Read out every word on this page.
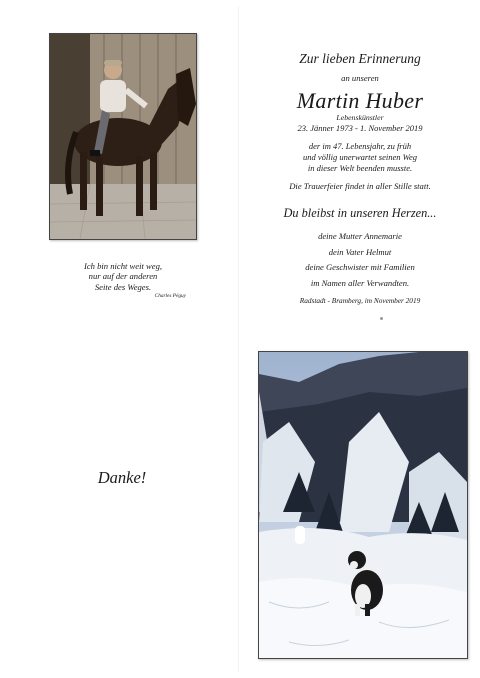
Ich bin nicht weit weg,
nur auf der anderen
Seite des Weges.
Charles Péguy
Danke!
Zur lieben Erinnerung
an unseren
Martin Huber
Lebenskünstler
23. Jänner 1973 - 1. November 2019
der im 47. Lebensjahr, zu früh
und völlig unerwartet seinen Weg
in dieser Welt beenden musste.
Die Trauerfeier findet in aller Stille statt.
Du bleibst in unseren Herzen...
deine Mutter Annemarie
dein Vater Helmut
deine Geschwister mit Familien
im Namen aller Verwandten.
Radstadt - Bramberg, im November 2019
